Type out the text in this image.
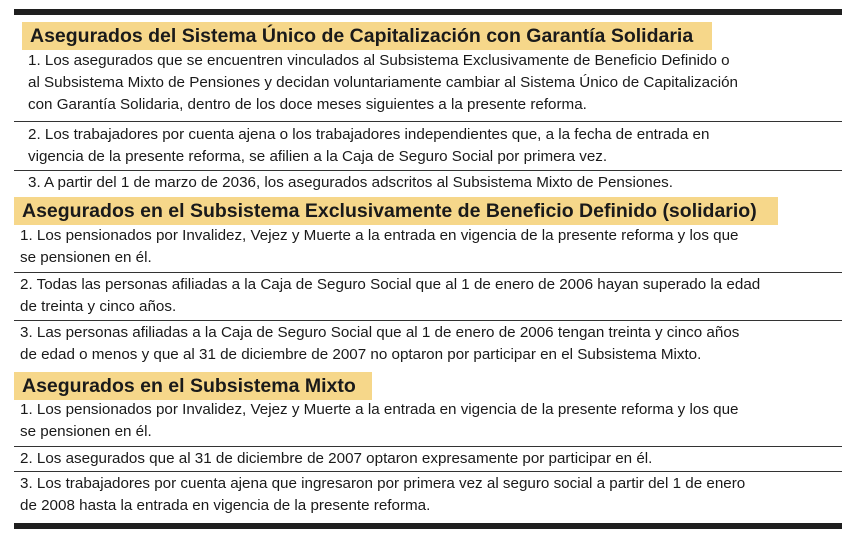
Asegurados del Sistema Único de Capitalización con Garantía Solidaria
1. Los asegurados que se encuentren vinculados al Subsistema Exclusivamente de Beneficio Definido o
al Subsistema Mixto de Pensiones y decidan voluntariamente cambiar al Sistema Único de Capitalización
con Garantía Solidaria, dentro de los doce meses siguientes a la presente reforma.
2. Los trabajadores por cuenta ajena o los trabajadores independientes que, a la fecha de entrada en
vigencia de la presente reforma, se afilien a la Caja de Seguro Social por primera vez.
3. A partir del 1 de marzo de 2036, los asegurados adscritos al Subsistema Mixto de Pensiones.
Asegurados en el Subsistema Exclusivamente de Beneficio Definido (solidario)
1. Los pensionados por Invalidez, Vejez y Muerte a la entrada en vigencia de la presente reforma y los que
se pensionen en él.
2. Todas las personas afiliadas a la Caja de Seguro Social que al 1 de enero de 2006 hayan superado la edad
de treinta y cinco años.
3. Las personas afiliadas a la Caja de Seguro Social que al 1 de enero de 2006 tengan treinta y cinco años
de edad o menos y que al 31 de diciembre de 2007 no optaron por participar en el Subsistema Mixto.
Asegurados en el Subsistema Mixto
1. Los pensionados por Invalidez, Vejez y Muerte a la entrada en vigencia de la presente reforma y los que
se pensionen en él.
2. Los asegurados que al 31 de diciembre de 2007 optaron expresamente por participar en él.
3. Los trabajadores por cuenta ajena que ingresaron por primera vez al seguro social a partir del 1 de enero
de 2008 hasta la entrada en vigencia de la presente reforma.
